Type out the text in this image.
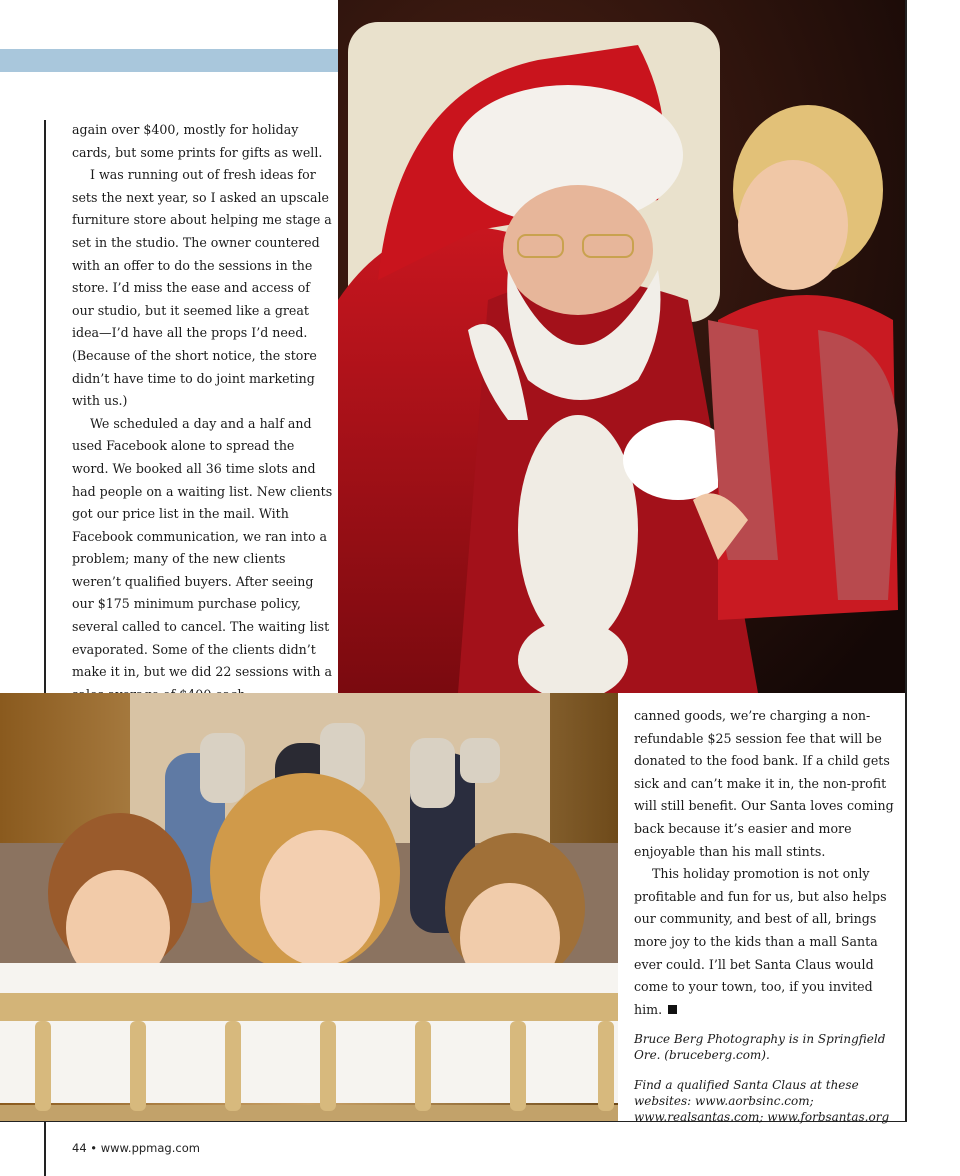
again over $400, mostly for holiday cards, but some prints for gifts as well.

I was running out of fresh ideas for sets the next year, so I asked an upscale furniture store about helping me stage a set in the studio. The owner countered with an offer to do the sessions in the store. I’d miss the ease and access of our studio, but it seemed like a great idea—I’d have all the props I’d need. (Because of the short notice, the store didn’t have time to do joint marketing with us.)

We scheduled a day and a half and used Facebook alone to spread the word. We booked all 36 time slots and had people on a waiting list. New clients got our price list in the mail. With Facebook communication, we ran into a problem; many of the new clients weren’t qualified buyers. After seeing our $175 minimum purchase policy, several called to cancel. The waiting list evaporated. Some of the clients didn’t make it in, but we did 22 sessions with a

canned goods, we’re charging a non-refundable $25 session fee that will be donated to the food bank. If a child gets sick and can’t make it in, the non-profit will still benefit. Our Santa loves coming back because it’s easier and more enjoyable than his mall stints.

This holiday promotion is not only profitable and fun for us, but also helps our community, and best of all, brings more joy to the kids than a mall Santa ever could. I’ll bet Santa Claus would come to your town, too, if you invited him.

Bruce Berg Photography is in Springfield Ore. (bruceberg.com).

Find a qualified Santa Claus at these websites: www.aorbsinc.com; www.realsantas.com; www.forbsantas.org

44 • www.ppmag.com
